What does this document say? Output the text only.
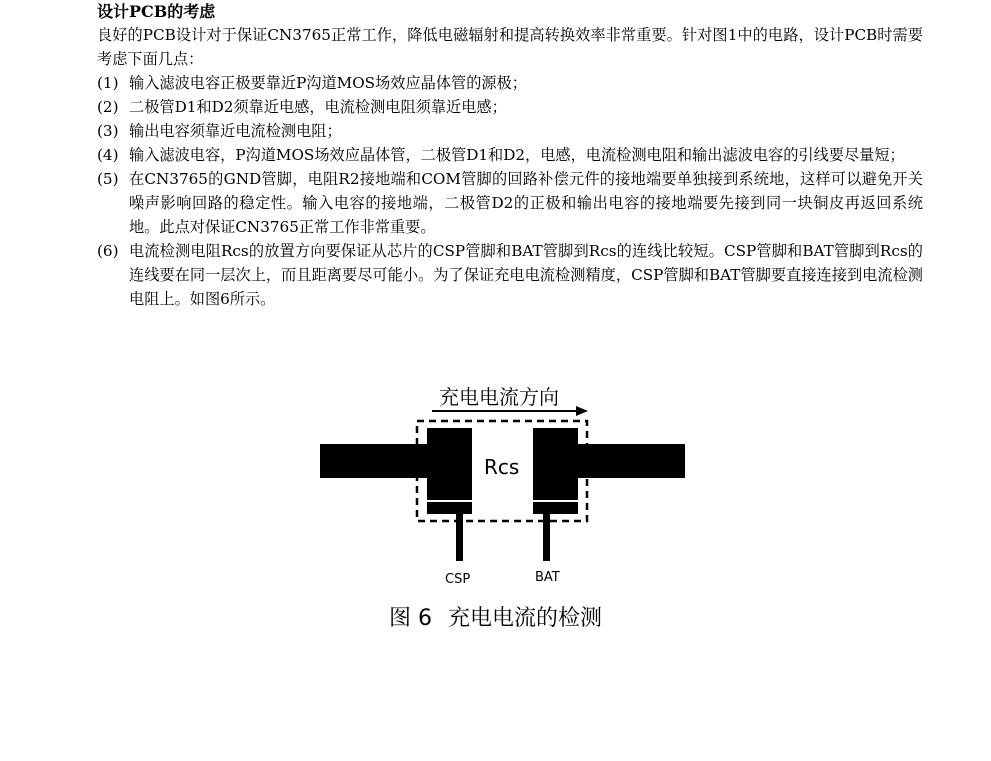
设计PCB的考虑

良好的PCB设计对于保证CN3765正常工作，降低电磁辐射和提高转换效率非常重要。针对图1中的电路，设计PCB时需要考虑下面几点：

(1) 输入滤波电容正极要靠近P沟道MOS场效应晶体管的源极；
(2) 二极管D1和D2须靠近电感，电流检测电阻须靠近电感；
(3) 输出电容须靠近电流检测电阻；
(4) 输入滤波电容，P沟道MOS场效应晶体管，二极管D1和D2，电感，电流检测电阻和输出滤波电容的引线要尽量短；
(5) 在CN3765的GND管脚，电阻R2接地端和COM管脚的回路补偿元件的接地端要单独接到系统地，这样可以避免开关噪声影响回路的稳定性。输入电容的接地端，二极管D2的正极和输出电容的接地端要先接到同一块铜皮再返回系统地。此点对保证CN3765正常工作非常重要。
(6) 电流检测电阻Rcs的放置方向要保证从芯片的CSP管脚和BAT管脚到Rcs的连线比较短。CSP管脚和BAT管脚到Rcs的连线要在同一层次上，而且距离要尽可能小。为了保证充电电流检测精度，CSP管脚和BAT管脚要直接连接到电流检测电阻上。如图6所示。
充电电流方向
Rcs
CSP	BAT
图 6 充电电流的检测
